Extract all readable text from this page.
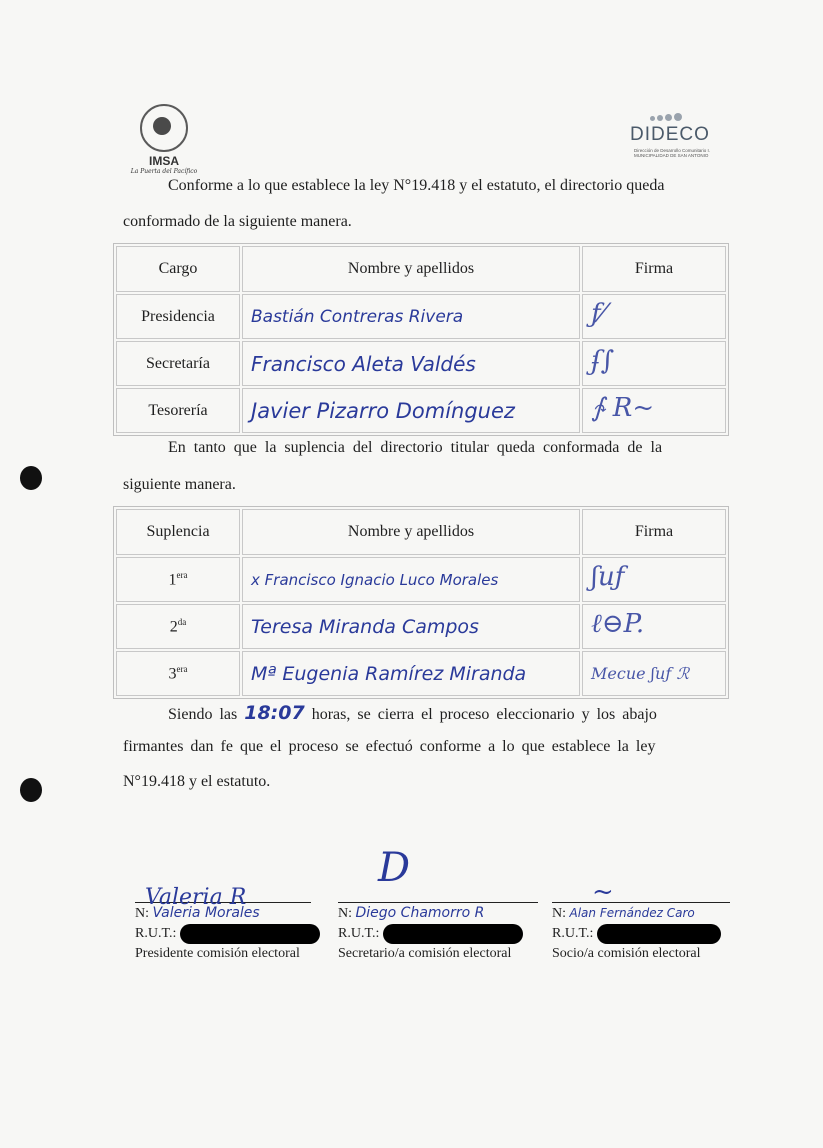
IMSA
La Puerta del Pacífico
DIDECO
Dirección de Desarrollo Comunitario I. MUNICIPALIDAD DE SAN ANTONIO
Conforme a lo que establece la ley N°19.418 y el estatuto, el directorio queda
conformado de la siguiente manera.
Cargo	Nombre y apellidos	Firma
Presidencia	Bastián Contreras Rivera	ƒ⁄

Secretaría	Francisco Aleta Valdés	ʄ∫

Tesorería	Javier Pizarro Domínguez	∱ R~
En tanto que la suplencia del directorio titular queda conformada de la
siguiente manera.
Suplencia	Nombre y apellidos	Firma
$1^{era}$	x Francisco Ignacio Luco Morales	ʃuƒ

$2^{da}$	Teresa Miranda Campos	ℓ⊖P.

$3^{era}$	Mª Eugenia Ramírez Miranda	Mecue ʃuƒ ℛ
Siendo las 18:07 horas, se cierra el proceso eleccionario y los abajo
firmantes dan fe que el proceso se efectuó conforme a lo que establece la ley
N°19.418 y el estatuto.
Valeria R
N: Valeria Morales
R.U.T.:
Presidente comisión electoral
D
N: Diego Chamorro R
R.U.T.:
Secretario/a comisión electoral
~
N: Alan Fernández Caro
R.U.T.:
Socio/a comisión electoral
